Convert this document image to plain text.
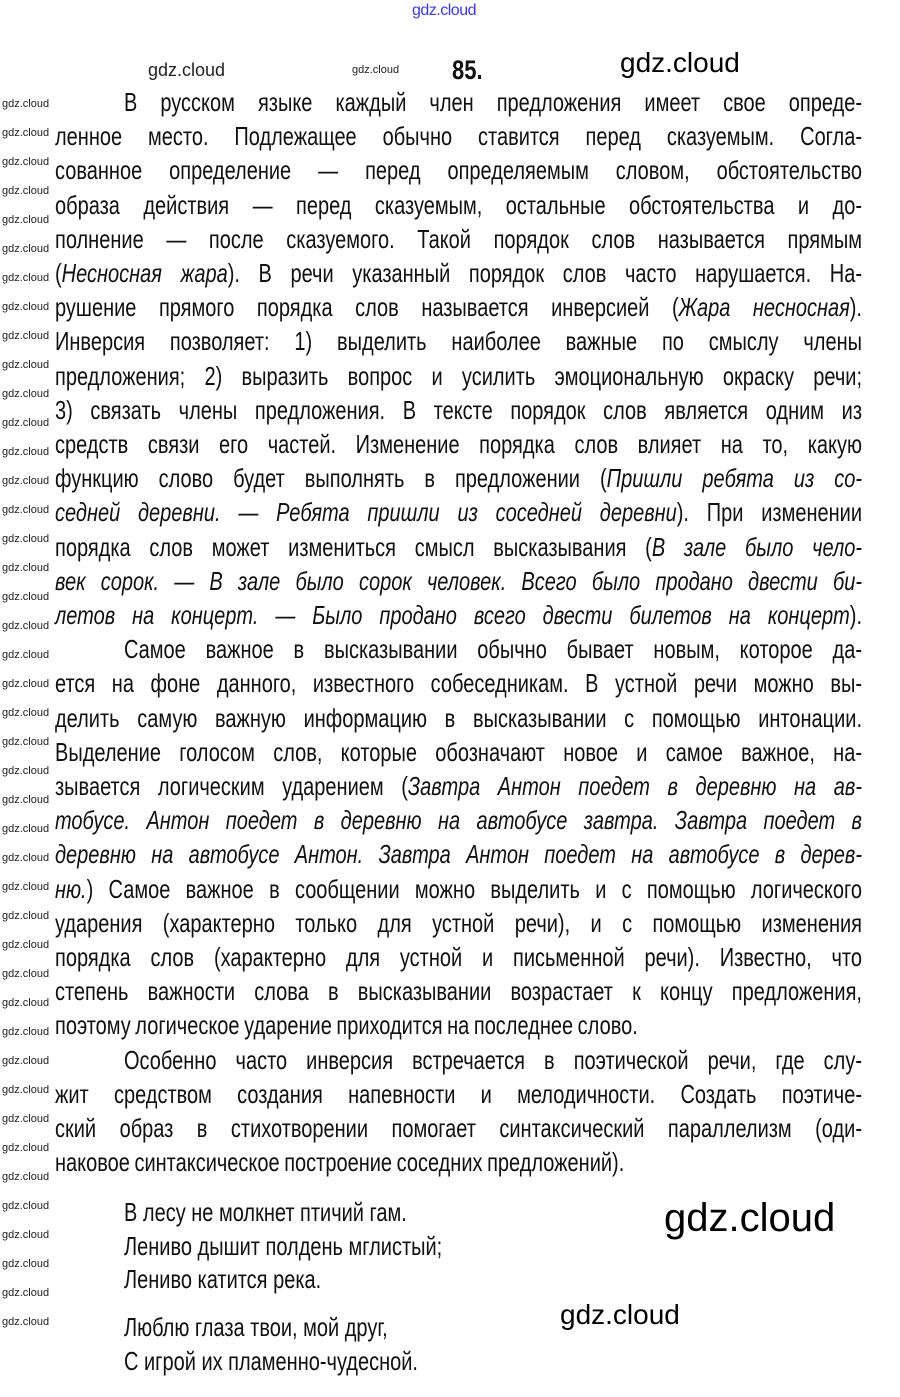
gdz.cloud
85.
В русском языке каждый член предложения имеет свое опреде-
ленное место. Подлежащее обычно ставится перед сказуемым. Согла-
сованное определение — перед определяемым словом, обстоятельство
образа действия — перед сказуемым, остальные обстоятельства и до-
полнение — после сказуемого. Такой порядок слов называется прямым
(Несносная жара). В речи указанный порядок слов часто нарушается. На-
рушение прямого порядка слов называется инверсией (Жара несносная).
Инверсия позволяет: 1) выделить наиболее важные по смыслу члены
предложения; 2) выразить вопрос и усилить эмоциональную окраску речи;
3) связать члены предложения. В тексте порядок слов является одним из
средств связи его частей. Изменение порядка слов влияет на то, какую
функцию слово будет выполнять в предложении (Пришли ребята из со-
седней деревни. — Ребята пришли из соседней деревни). При изменении
порядка слов может измениться смысл высказывания (В зале было чело-
век сорок. — В зале было сорок человек. Всего было продано двести би-
летов на концерт. — Было продано всего двести билетов на концерт).
Самое важное в высказывании обычно бывает новым, которое да-
ется на фоне данного, известного собеседникам. В устной речи можно вы-
делить самую важную информацию в высказывании с помощью интонации.
Выделение голосом слов, которые обозначают новое и самое важное, на-
зывается логическим ударением (Завтра Антон поедет в деревню на ав-
тобусе. Антон поедет в деревню на автобусе завтра. Завтра поедет в
деревню на автобусе Антон. Завтра Антон поедет на автобусе в дерев-
ню.) Самое важное в сообщении можно выделить и с помощью логического
ударения (характерно только для устной речи), и с помощью изменения
порядка слов (характерно для устной и письменной речи). Известно, что
степень важности слова в высказывании возрастает к концу предложения,
поэтому логическое ударение приходится на последнее слово.
Особенно часто инверсия встречается в поэтической речи, где слу-
жит средством создания напевности и мелодичности. Создать поэтиче-
ский образ в стихотворении помогает синтаксический параллелизм (оди-
наковое синтаксическое построение соседних предложений).
В лесу не молкнет птичий гам.
Лениво дышит полдень мглистый;
Лениво катится река.
Люблю глаза твои, мой друг,
С игрой их пламенно-чудесной.
gdz.cloud	gdz.cloud	gdz.cloud
gdz.cloud
gdz.cloud
gdz.cloud
gdz.cloud
gdz.cloud
gdz.cloud
gdz.cloud
gdz.cloud
gdz.cloud
gdz.cloud
gdz.cloud
gdz.cloud
gdz.cloud
gdz.cloud
gdz.cloud
gdz.cloud
gdz.cloud
gdz.cloud
gdz.cloud
gdz.cloud
gdz.cloud
gdz.cloud
gdz.cloud
gdz.cloud
gdz.cloud
gdz.cloud
gdz.cloud
gdz.cloud
gdz.cloud
gdz.cloud
gdz.cloud
gdz.cloud
gdz.cloud
gdz.cloud
gdz.cloud
gdz.cloud
gdz.cloud
gdz.cloud
gdz.cloud
gdz.cloud
gdz.cloud
gdz.cloud
gdz.cloud
gdz.cloud
gdz.cloud
